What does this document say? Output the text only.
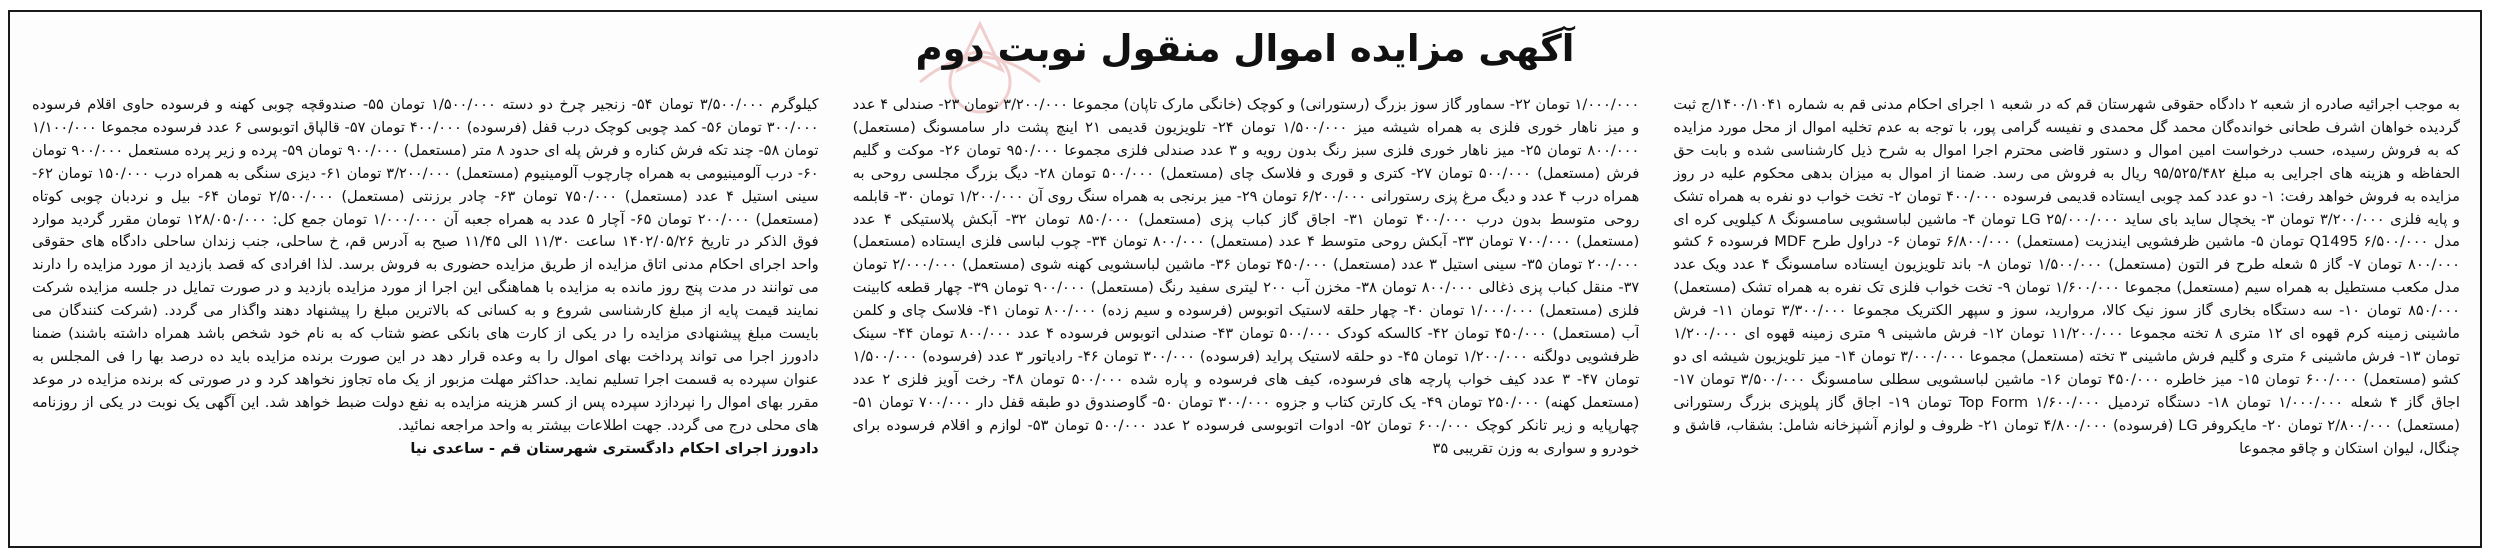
آگهی مزایده اموال منقول نوبت دوم

به موجب اجرائیه صادره از شعبه ۲ دادگاه حقوقی شهرستان قم که در شعبه ۱ اجرای احکام مدنی قم به شماره ۱۴۰۰/۱۰۴۱/ج ثبت گردیده خواهان اشرف طحانی خوانده‌گان محمد گل محمدی و نفیسه گرامی پور، با توجه به عدم تخلیه اموال از محل مورد مزایده که به فروش رسیده، حسب درخواست امین اموال و دستور قاضی محترم اجرا اموال به شرح ذیل کارشناسی شده و بابت حق الحفاظه و هزینه های اجرایی به مبلغ ۹۵/۵۲۵/۴۸۲ ریال به فروش می رسد. ضمنا از اموال به میزان بدهی محکوم علیه در روز مزایده به فروش خواهد رفت: ۱- دو عدد کمد چوبی ایستاده قدیمی فرسوده ۴۰۰/۰۰۰ تومان ۲- تخت خواب دو نفره به همراه تشک و پایه فلزی ۳/۲۰۰/۰۰۰ تومان ۳- یخچال ساید بای ساید LG ۲۵/۰۰۰/۰۰۰ تومان ۴- ماشین لباسشویی سامسونگ ۸ کیلویی کره ای مدل Q1495 ۶/۵۰۰/۰۰۰ تومان ۵- ماشین ظرفشویی ایندزیت (مستعمل) ۶/۸۰۰/۰۰۰ تومان ۶- دراول طرح MDF فرسوده ۶ کشو ۸۰۰/۰۰۰ تومان ۷- گاز ۵ شعله طرح فر التون (مستعمل) ۱/۵۰۰/۰۰۰ تومان ۸- باند تلویزیون ایستاده سامسونگ ۴ عدد ویک عدد مدل مکعب مستطیل به همراه سیم (مستعمل) مجموعا ۱/۶۰۰/۰۰۰ تومان ۹- تخت خواب فلزی تک نفره به همراه تشک (مستعمل) ۸۵۰/۰۰۰ تومان ۱۰- سه دستگاه بخاری گاز سوز نیک کالا، مروارید، سوز و سپهر الکتریک مجموعا ۳/۳۰۰/۰۰۰ تومان ۱۱- فرش ماشینی زمینه کرم قهوه ای ۱۲ متری ۸ تخته مجموعا ۱۱/۲۰۰/۰۰۰ تومان ۱۲- فرش ماشینی ۹ متری زمینه قهوه ای ۱/۲۰۰/۰۰۰ تومان ۱۳- فرش ماشینی ۶ متری و گلیم فرش ماشینی ۳ تخته (مستعمل) مجموعا ۳/۰۰۰/۰۰۰ تومان ۱۴- میز تلویزیون شیشه ای دو کشو (مستعمل) ۶۰۰/۰۰۰ تومان ۱۵- میز خاطره ۴۵۰/۰۰۰ تومان ۱۶- ماشین لباسشویی سطلی سامسونگ ۳/۵۰۰/۰۰۰ تومان ۱۷- اجاق گاز ۴ شعله ۱/۰۰۰/۰۰۰ تومان ۱۸- دستگاه تردمیل Top Form ۱/۶۰۰/۰۰۰ تومان ۱۹- اجاق گاز پلوپزی بزرگ رستورانی (مستعمل) ۲/۸۰۰/۰۰۰ تومان ۲۰- مایکروفر LG (فرسوده) ۴/۸۰۰/۰۰۰ تومان ۲۱- ظروف و لوازم آشپزخانه شامل: بشقاب، قاشق و چنگال، لیوان استکان و چاقو مجموعا

۱/۰۰۰/۰۰۰ تومان ۲۲- سماور گاز سوز بزرگ (رستورانی) و کوچک (خانگی مارک تاپان) مجموعا ۳/۲۰۰/۰۰۰ تومان ۲۳- صندلی ۴ عدد و میز ناهار خوری فلزی به همراه شیشه میز ۱/۵۰۰/۰۰۰ تومان ۲۴- تلویزیون قدیمی ۲۱ اینچ پشت دار سامسونگ (مستعمل) ۸۰۰/۰۰۰ تومان ۲۵- میز ناهار خوری فلزی سبز رنگ بدون رویه و ۳ عدد صندلی فلزی مجموعا ۹۵۰/۰۰۰ تومان ۲۶- موکت و گلیم فرش (مستعمل) ۵۰۰/۰۰۰ تومان ۲۷- کتری و قوری و فلاسک چای (مستعمل) ۵۰۰/۰۰۰ تومان ۲۸- دیگ بزرگ مجلسی روحی به همراه درب ۴ عدد و دیگ مرغ پزی رستورانی ۶/۲۰۰/۰۰۰ تومان ۲۹- میز برنجی به همراه سنگ روی آن ۱/۲۰۰/۰۰۰ تومان ۳۰- قابلمه روحی متوسط بدون درب ۴۰۰/۰۰۰ تومان ۳۱- اجاق گاز کباب پزی (مستعمل) ۸۵۰/۰۰۰ تومان ۳۲- آبکش پلاستیکی ۴ عدد (مستعمل) ۷۰۰/۰۰۰ تومان ۳۳- آبکش روحی متوسط ۴ عدد (مستعمل) ۸۰۰/۰۰۰ تومان ۳۴- چوب لباسی فلزی ایستاده (مستعمل) ۲۰۰/۰۰۰ تومان ۳۵- سینی استیل ۳ عدد (مستعمل) ۴۵۰/۰۰۰ تومان ۳۶- ماشین لباسشویی کهنه شوی (مستعمل) ۲/۰۰۰/۰۰۰ تومان ۳۷- منقل کباب پزی ذغالی ۸۰۰/۰۰۰ تومان ۳۸- مخزن آب ۲۰۰ لیتری سفید رنگ (مستعمل) ۹۰۰/۰۰۰ تومان ۳۹- چهار قطعه کابینت فلزی (مستعمل) ۱/۰۰۰/۰۰۰ تومان ۴۰- چهار حلقه لاستیک اتوبوس (فرسوده و سیم زده) ۸۰۰/۰۰۰ تومان ۴۱- فلاسک چای و کلمن آب (مستعمل) ۴۵۰/۰۰۰ تومان ۴۲- کالسکه کودک ۵۰۰/۰۰۰ تومان ۴۳- صندلی اتوبوس فرسوده ۴ عدد ۸۰۰/۰۰۰ تومان ۴۴- سینک ظرفشویی دولگنه ۱/۲۰۰/۰۰۰ تومان ۴۵- دو حلقه لاستیک پراید (فرسوده) ۳۰۰/۰۰۰ تومان ۴۶- رادیاتور ۳ عدد (فرسوده) ۱/۵۰۰/۰۰۰ تومان ۴۷- ۳ عدد کیف خواب پارچه های فرسوده، کیف های فرسوده و پاره شده ۵۰۰/۰۰۰ تومان ۴۸- رخت آویز فلزی ۲ عدد (مستعمل کهنه) ۲۵۰/۰۰۰ تومان ۴۹- یک کارتن کتاب و جزوه ۳۰۰/۰۰۰ تومان ۵۰- گاوصندوق دو طبقه قفل دار ۷۰۰/۰۰۰ تومان ۵۱- چهارپایه و زیر تانکر کوچک ۶۰۰/۰۰۰ تومان ۵۲- ادوات اتوبوسی فرسوده ۲ عدد ۵۰۰/۰۰۰ تومان ۵۳- لوازم و اقلام فرسوده برای خودرو و سواری به وزن تقریبی ۳۵

کیلوگرم ۳/۵۰۰/۰۰۰ تومان ۵۴- زنجیر چرخ دو دسته ۱/۵۰۰/۰۰۰ تومان ۵۵- صندوقچه چوبی کهنه و فرسوده حاوی اقلام فرسوده ۳۰۰/۰۰۰ تومان ۵۶- کمد چوبی کوچک درب قفل (فرسوده) ۴۰۰/۰۰۰ تومان ۵۷- قالپاق اتوبوسی ۶ عدد فرسوده مجموعا ۱/۱۰۰/۰۰۰ تومان ۵۸- چند تکه فرش کناره و فرش پله ای حدود ۸ متر (مستعمل) ۹۰۰/۰۰۰ تومان ۵۹- پرده و زیر پرده مستعمل ۹۰۰/۰۰۰ تومان ۶۰- درب آلومینیومی به همراه چارچوب آلومینیوم (مستعمل) ۳/۲۰۰/۰۰۰ تومان ۶۱- دیزی سنگی به همراه درب ۱۵۰/۰۰۰ تومان ۶۲- سینی استیل ۴ عدد (مستعمل) ۷۵۰/۰۰۰ تومان ۶۳- چادر برزنتی (مستعمل) ۲/۵۰۰/۰۰۰ تومان ۶۴- بیل و نردبان چوبی کوتاه (مستعمل) ۲۰۰/۰۰۰ تومان ۶۵- آچار ۵ عدد به همراه جعبه آن ۱/۰۰۰/۰۰۰ تومان جمع کل: ۱۲۸/۰۵۰/۰۰۰ تومان مقرر گردید موارد فوق الذکر در تاریخ ۱۴۰۲/۰۵/۲۶ ساعت ۱۱/۳۰ الی ۱۱/۴۵ صبح به آدرس قم، خ ساحلی، جنب زندان ساحلی دادگاه های حقوقی واحد اجرای احکام مدنی اتاق مزایده از طریق مزایده حضوری به فروش برسد. لذا افرادی که قصد بازدید از مورد مزایده را دارند می توانند در مدت پنج روز مانده به مزایده با هماهنگی این اجرا از مورد مزایده بازدید و در صورت تمایل در جلسه مزایده شرکت نمایند قیمت پایه از مبلغ کارشناسی شروع و به کسانی که بالاترین مبلغ را پیشنهاد دهند واگذار می گردد. (شرکت کنندگان می بایست مبلغ پیشنهادی مزایده را در یکی از کارت های بانکی عضو شتاب که به نام خود شخص باشد همراه داشته باشند) ضمنا دادورز اجرا می تواند پرداخت بهای اموال را به وعده قرار دهد در این صورت برنده مزایده باید ده درصد بها را فی المجلس به عنوان سپرده به قسمت اجرا تسلیم نماید. حداکثر مهلت مزبور از یک ماه تجاوز نخواهد کرد و در صورتی که برنده مزایده در موعد مقرر بهای اموال را نپردازد سپرده پس از کسر هزینه مزایده به نفع دولت ضبط خواهد شد. این آگهی یک نوبت در یکی از روزنامه های محلی درج می گردد. جهت اطلاعات بیشتر به واحد مراجعه نمائید.

دادورز اجرای احکام دادگستری شهرستان قم - ساعدی نیا
